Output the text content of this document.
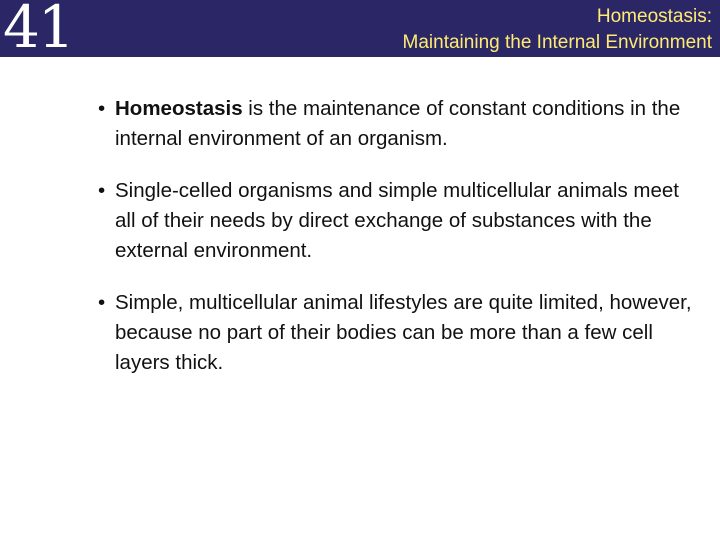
41	Homeostasis:
Maintaining the Internal Environment
• Homeostasis is the maintenance of constant conditions in the internal environment of an organism.
• Single-celled organisms and simple multicellular animals meet all of their needs by direct exchange of substances with the external environment.
• Simple, multicellular animal lifestyles are quite limited, however, because no part of their bodies can be more than a few cell layers thick.
